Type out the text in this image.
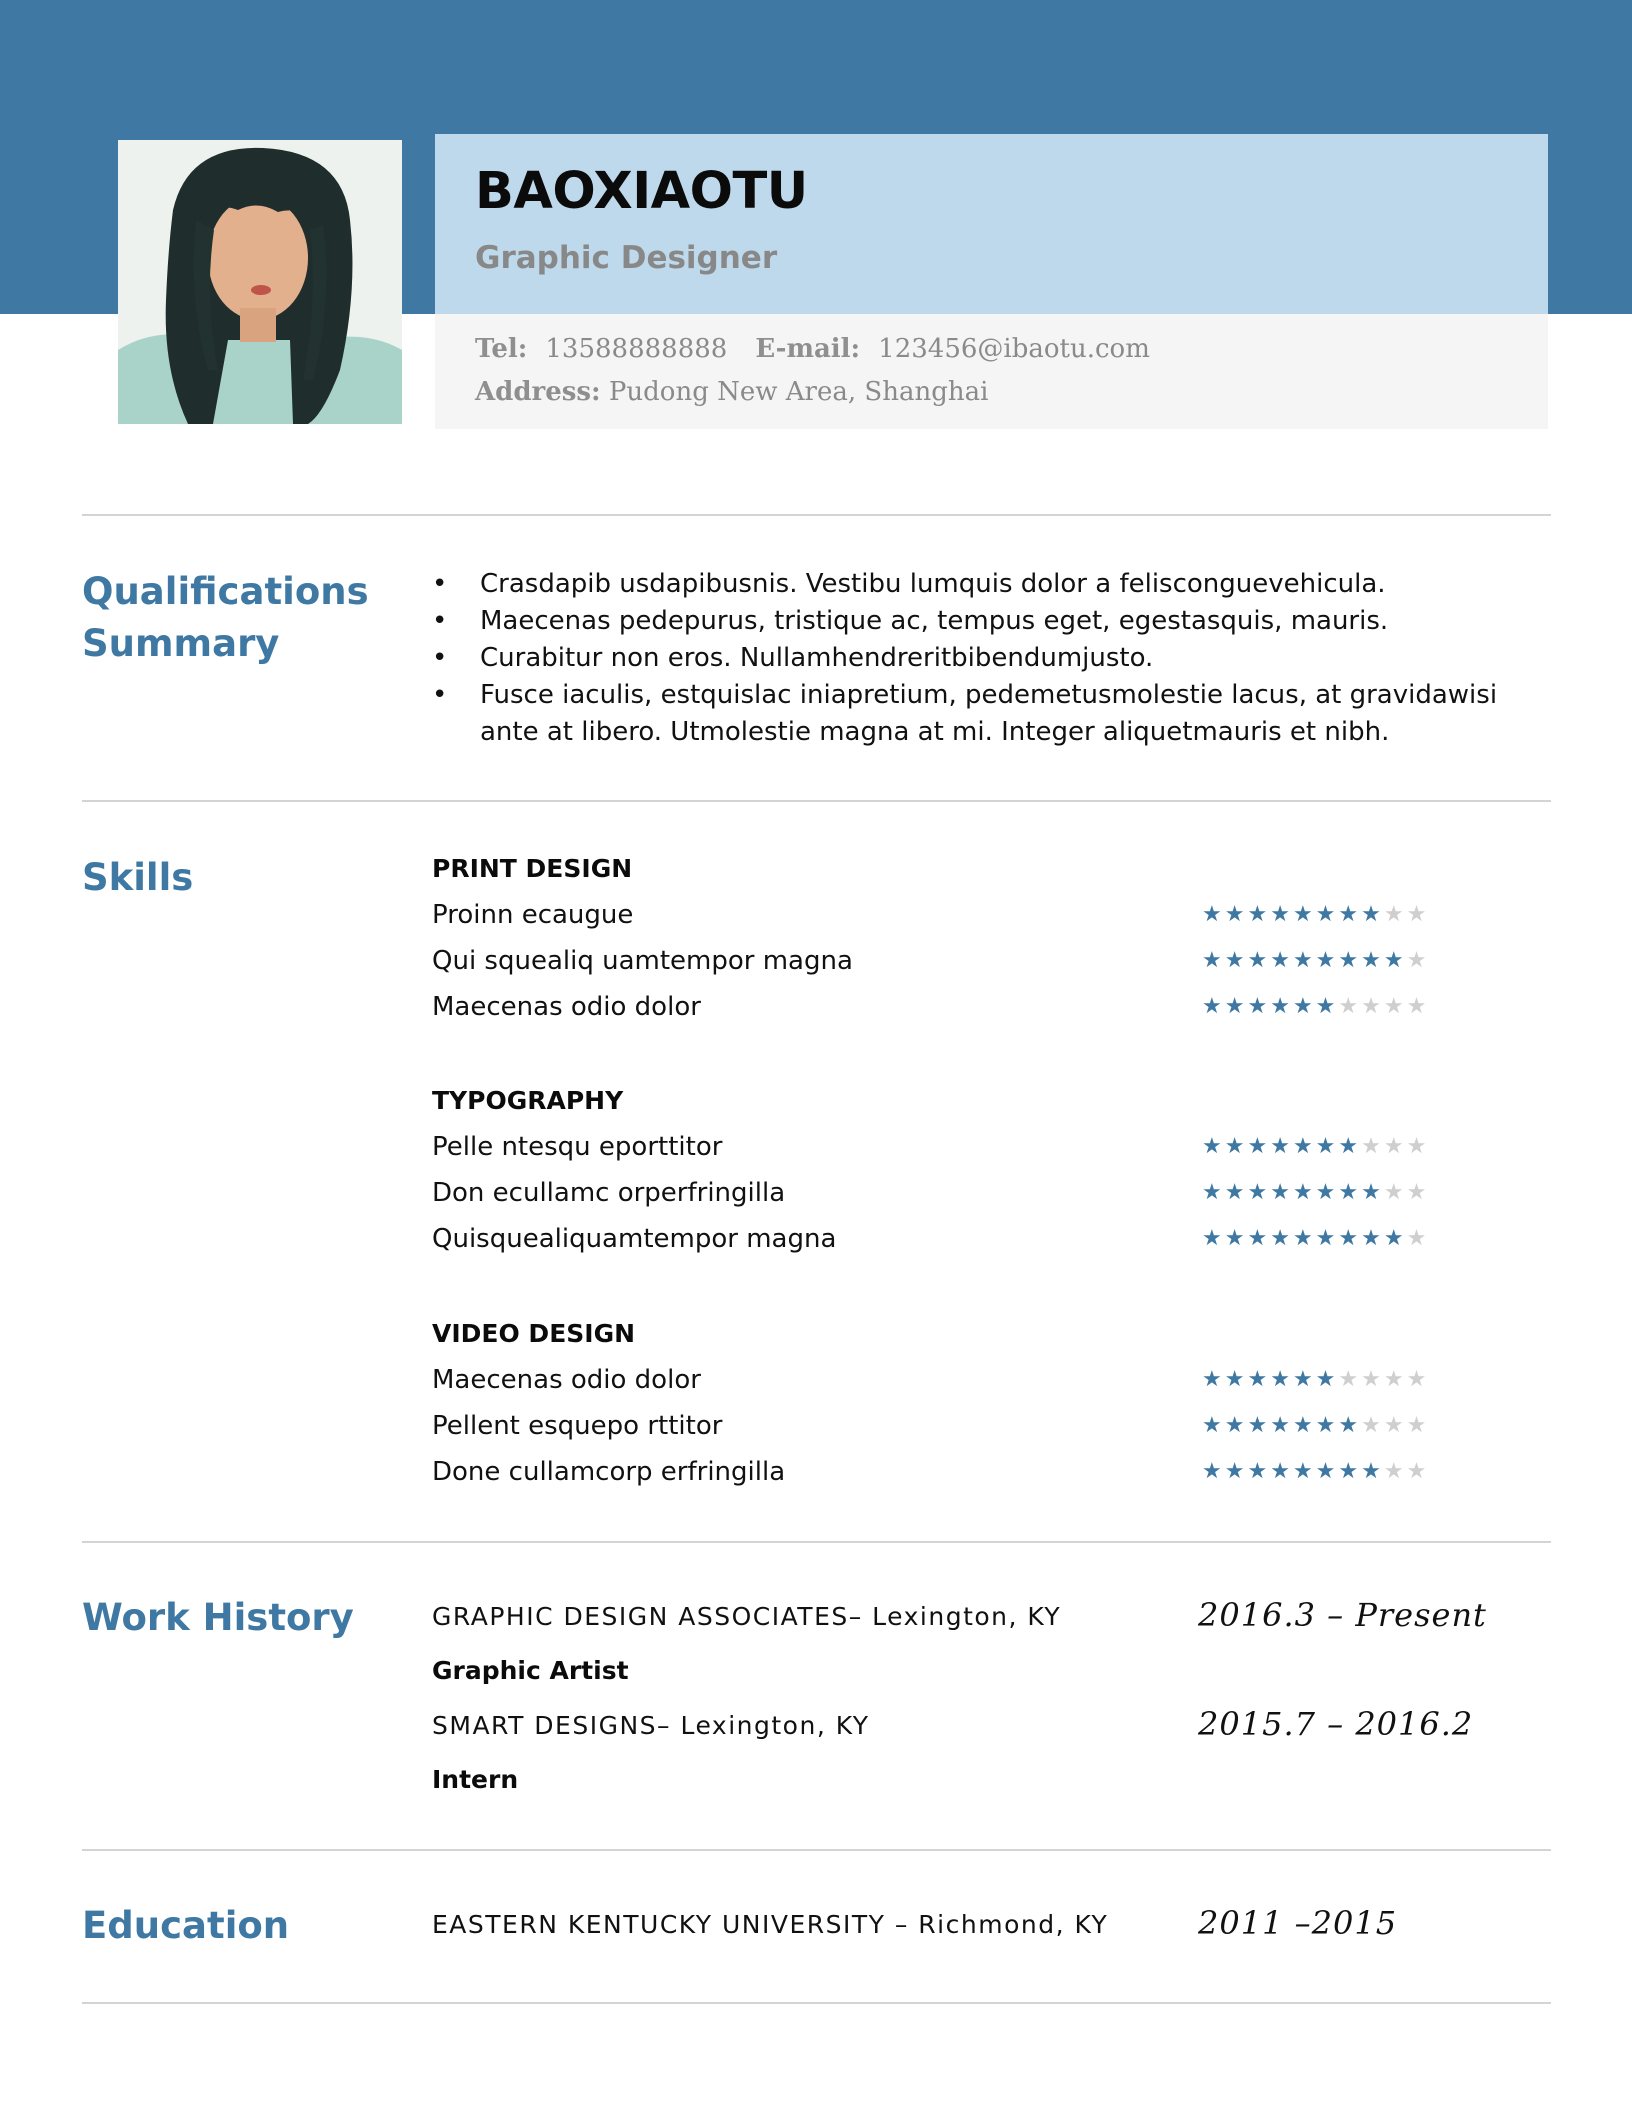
BAOXIAOTU
Graphic Designer
Tel: 13588888888 E-mail: 123456@ibaotu.com
Address: Pudong New Area, Shanghai
Qualifications
Summary
• Crasdapib usdapibusnis. Vestibu lumquis dolor a felisconguevehicula.
• Maecenas pedepurus, tristique ac, tempus eget, egestasquis, mauris.
• Curabitur non eros. Nullamhendreritbibendumjusto.
• Fusce iaculis, estquislac iniapretium, pedemetusmolestie lacus, at gravidawisi ante at libero. Utmolestie magna at mi. Integer aliquetmauris et nibh.
Skills	PRINT DESIGN
Proinn ecaugue	★★★★★★★★★★
Qui squealiq uamtempor magna	★★★★★★★★★★
Maecenas odio dolor	★★★★★★★★★★
TYPOGRAPHY
Pelle ntesqu eporttitor	★★★★★★★★★★
Don ecullamc orperfringilla	★★★★★★★★★★
Quisquealiquamtempor magna	★★★★★★★★★★
VIDEO DESIGN
Maecenas odio dolor	★★★★★★★★★★
Pellent esquepo rttitor	★★★★★★★★★★
Done cullamcorp erfringilla	★★★★★★★★★★
Work History	GRAPHIC DESIGN ASSOCIATES– Lexington, KY	2016.3 – Present
Graphic Artist
SMART DESIGNS– Lexington, KY	2015.7 – 2016.2
Intern
Education	EASTERN KENTUCKY UNIVERSITY – Richmond, KY	2011 –2015
